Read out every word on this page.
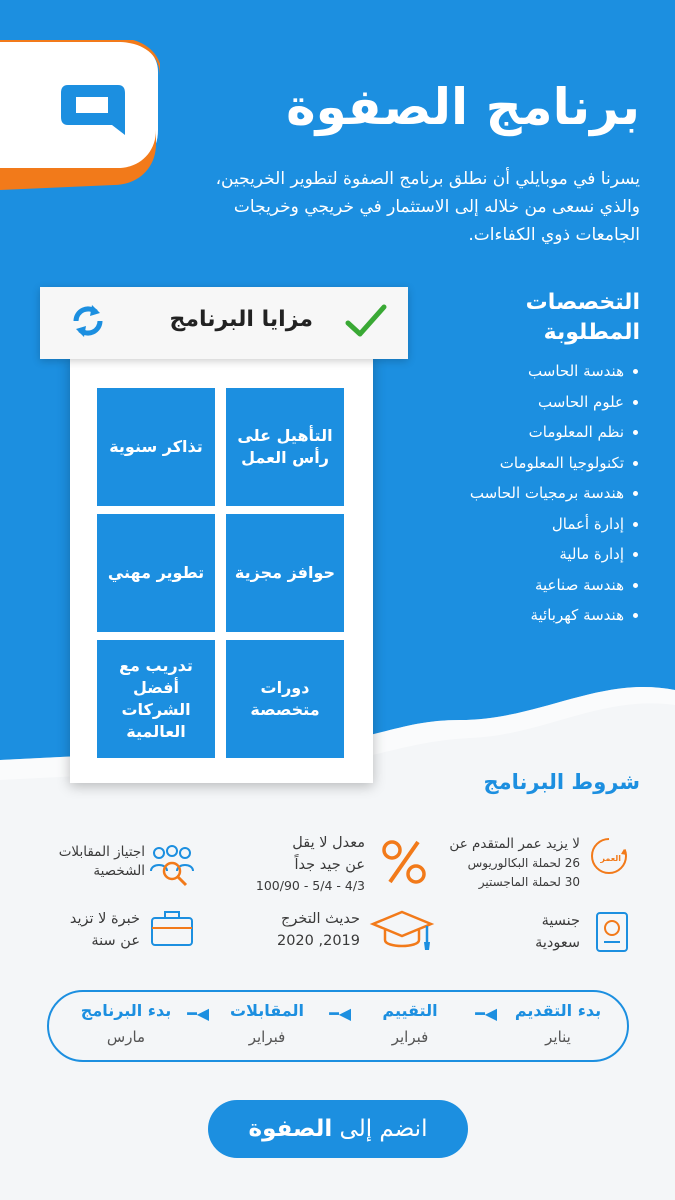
برنامج الصفوة

يسرنا في موبايلي أن نطلق برنامج الصفوة لتطوير الخريجين، والذي نسعى من خلاله إلى الاستثمار في خريجي وخريجات الجامعات ذوي الكفاءات.

التخصصات
المطلوبة
هندسة الحاسب
علوم الحاسب
نظم المعلومات
تكنولوجيا المعلومات
هندسة برمجيات الحاسب
إدارة أعمال
إدارة مالية
هندسة صناعية
هندسة كهربائية
التأهيل على رأس العمل
تذاكر سنوية
حوافز مجزية
تطوير مهني
دورات متخصصة
تدريب مع أفضل الشركات العالمية
مزايا البرنامج
شروط البرنامج
العمر
لا يزيد عمر المتقدم عن
26 لحملة البكالوريوس
30 لحملة الماجستير
معدل لا يقل
عن جيد جداً
100/90 - 5/4 - 4/3
اجتياز المقابلات
الشخصية
جنسية
سعودية
حديث التخرج
2019, 2020
خبرة لا تزيد
عن سنة
بدء التقديم
يناير
◀━
التقييم
فبراير
◀━
المقابلات
فبراير
◀━
بدء البرنامج
مارس
انضم إلى الصفوة
